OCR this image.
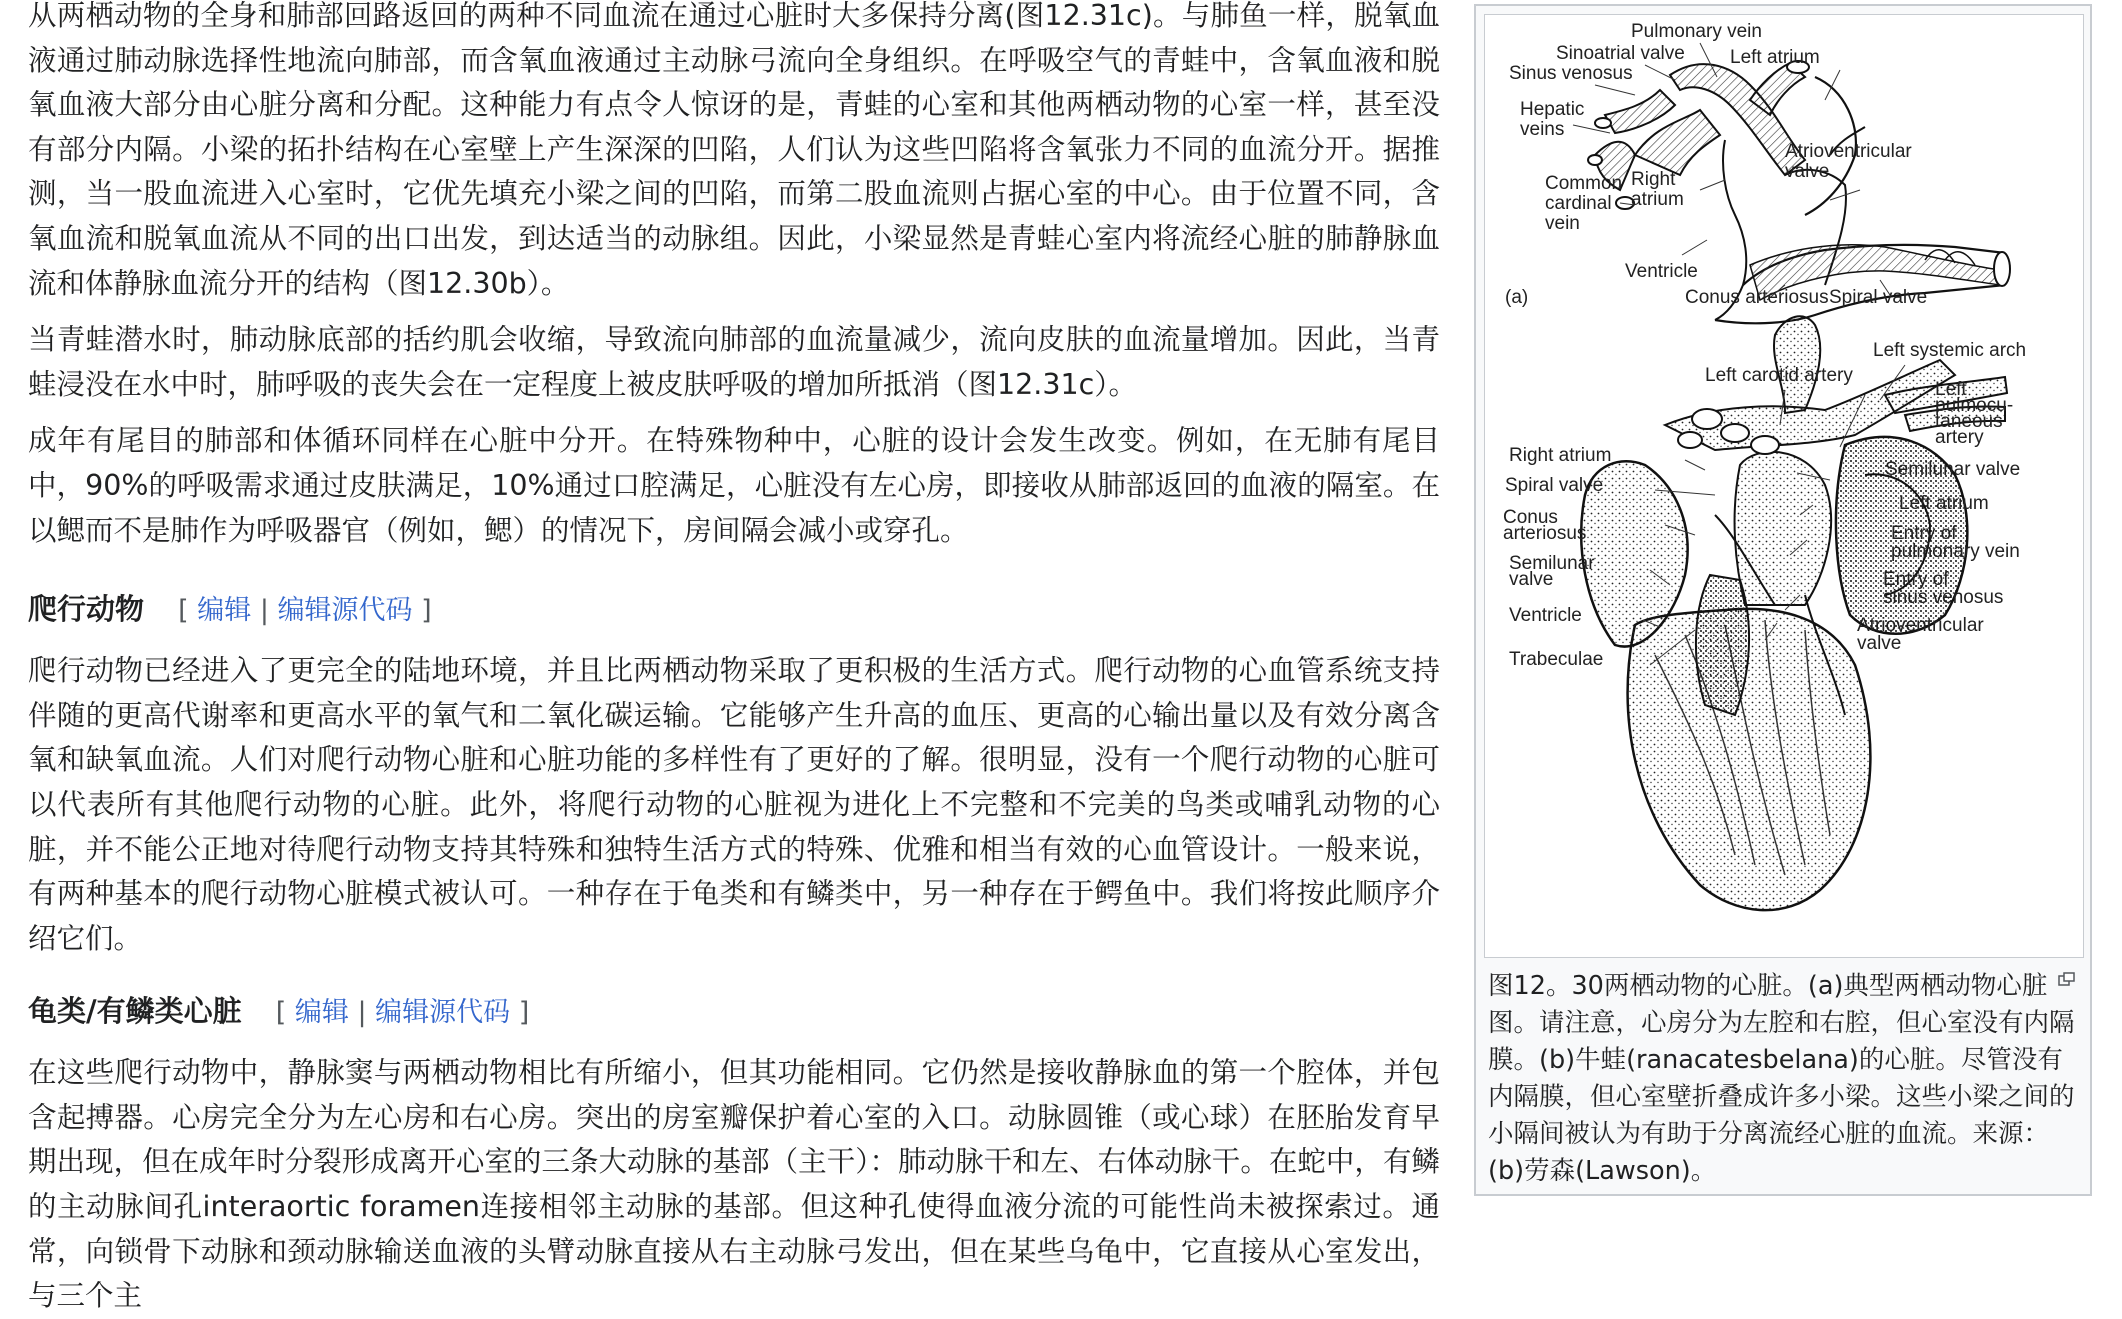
从两栖动物的全身和肺部回路返回的两种不同血流在通过心脏时大多保持分离(图12.31c)。与肺鱼一样，脱氧血液通过肺动脉选择性地流向肺部，而含氧血液通过主动脉弓流向全身组织。在呼吸空气的青蛙中，含氧血液和脱氧血液大部分由心脏分离和分配。这种能力有点令人惊讶的是，青蛙的心室和其他两栖动物的心室一样，甚至没有部分内隔。小梁的拓扑结构在心室壁上产生深深的凹陷，人们认为这些凹陷将含氧张力不同的血流分开。据推测，当一股血流进入心室时，它优先填充小梁之间的凹陷，而第二股血流则占据心室的中心。由于位置不同，含氧血流和脱氧血流从不同的出口出发，到达适当的动脉组。因此，小梁显然是青蛙心室内将流经心脏的肺静脉血流和体静脉血流分开的结构（图12.30b）。

当青蛙潜水时，肺动脉底部的括约肌会收缩，导致流向肺部的血流量减少，流向皮肤的血流量增加。因此，当青蛙浸没在水中时，肺呼吸的丧失会在一定程度上被皮肤呼吸的增加所抵消（图12.31c）。

成年有尾目的肺部和体循环同样在心脏中分开。在特殊物种中，心脏的设计会发生改变。例如，在无肺有尾目中，90%的呼吸需求通过皮肤满足，10%通过口腔满足，心脏没有左心房，即接收从肺部返回的血液的隔室。在以鳃而不是肺作为呼吸器官（例如，鳃）的情况下，房间隔会减小或穿孔。

爬行动物 [ 编辑 | 编辑源代码 ]

爬行动物已经进入了更完全的陆地环境，并且比两栖动物采取了更积极的生活方式。爬行动物的心血管系统支持伴随的更高代谢率和更高水平的氧气和二氧化碳运输。它能够产生升高的血压、更高的心输出量以及有效分离含氧和缺氧血流。人们对爬行动物心脏和心脏功能的多样性有了更好的了解。很明显，没有一个爬行动物的心脏可以代表所有其他爬行动物的心脏。此外，将爬行动物的心脏视为进化上不完整和不完美的鸟类或哺乳动物的心脏，并不能公正地对待爬行动物支持其特殊和独特生活方式的特殊、优雅和相当有效的心血管设计。一般来说，有两种基本的爬行动物心脏模式被认可。一种存在于龟类和有鳞类中，另一种存在于鳄鱼中。我们将按此顺序介绍它们。

龟类/有鳞类心脏 [ 编辑 | 编辑源代码 ]

在这些爬行动物中，静脉窦与两栖动物相比有所缩小，但其功能相同。它仍然是接收静脉血的第一个腔体，并包含起搏器。心房完全分为左心房和右心房。突出的房室瓣保护着心室的入口。动脉圆锥（或心球）在胚胎发育早期出现，但在成年时分裂形成离开心室的三条大动脉的基部（主干）：肺动脉干和左、右体动脉干。在蛇中，有鳞的主动脉间孔interaortic foramen连接相邻主动脉的基部。但这种孔使得血液分流的可能性尚未被探索过。通常，向锁骨下动脉和颈动脉输送血液的头臂动脉直接从右主动脉弓发出，但在某些乌龟中，它直接从心室发出，与三个主

Pulmonary vein
Sinoatrial valve Left atrium
Sinus venosus
Hepatic
veins
Atrioventricular
valve
Common
cardinal
vein
Right
atrium
Ventricle
(a)	Conus arteriosus Spiral valve
Left systemic arch
Left carotid artery
Left
pulmocu-
taneous
artery
Right atrium
Semilunar valve
Spiral valve
Left atrium
Conus
arteriosus	Entry of
pulmonary vein
Semilunar
valve	Entry of
sinus venosus
Ventricle	Atrioventricular
valve
Trabeculae
图12。30两栖动物的心脏。(a)典型两栖动物心脏图。请注意，心房分为左腔和右腔，但心室没有内隔膜。(b)牛蛙(ranacatesbelana)的心脏。尽管没有内隔膜，但心室壁折叠成许多小梁。这些小梁之间的小隔间被认为有助于分离流经心脏的血流。来源：(b)劳森(Lawson)。
